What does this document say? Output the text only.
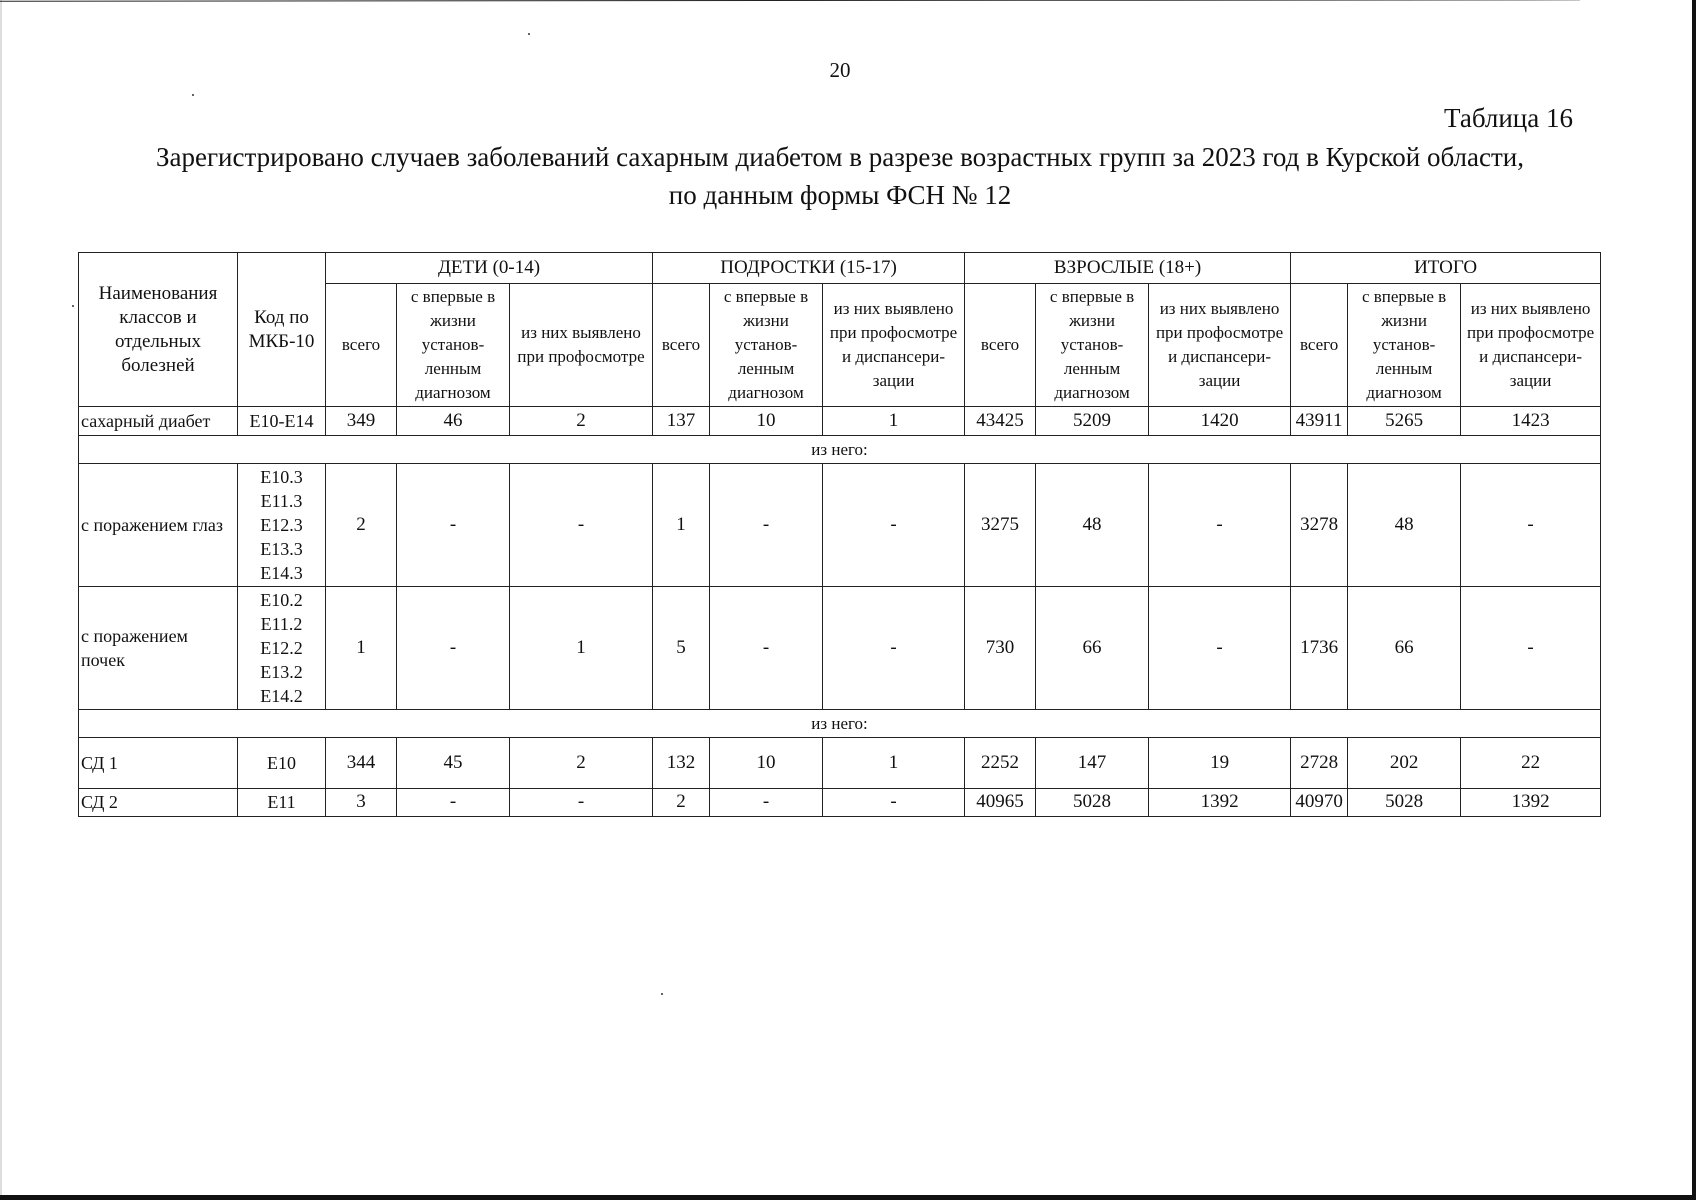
20
Таблица 16
Зарегистрировано случаев заболеваний сахарным диабетом в разрезе возрастных групп за 2023 год в Курской области,
по данным формы ФСН № 12
Наименования классов и отдельных болезней	Код по МКБ-10	ДЕТИ (0-14)			ПОДРОСТКИ (15-17)			ВЗРОСЛЫЕ (18+)			ИТОГО		
		всего	с впервые в жизни установ-ленным диагнозом	из них выявлено при профосмотре	всего	с впервые в жизни установ-ленным диагнозом	из них выявлено при профосмотре и диспансери-зации	всего	с впервые в жизни установ-ленным диагнозом	из них выявлено при профосмотре и диспансери-зации	всего	с впервые в жизни установ-ленным диагнозом	из них выявлено при профосмотре и диспансери-зации
сахарный диабет	E10-E14	349	46	2	137	10	1	43425	5209	1420	43911	5265	1423
из него:													
с поражением глаз	E10.3 E11.3 E12.3 E13.3 E14.3	2	-	-	1	-	-	3275	48	-	3278	48	-
с поражением почек	E10.2 E11.2 E12.2 E13.2 E14.2	1	-	1	5	-	-	730	66	-	1736	66	-
из него:													
СД 1	E10	344	45	2	132	10	1	2252	147	19	2728	202	22
СД 2	E11	3	-	-	2	-	-	40965	5028	1392	40970	5028	1392
